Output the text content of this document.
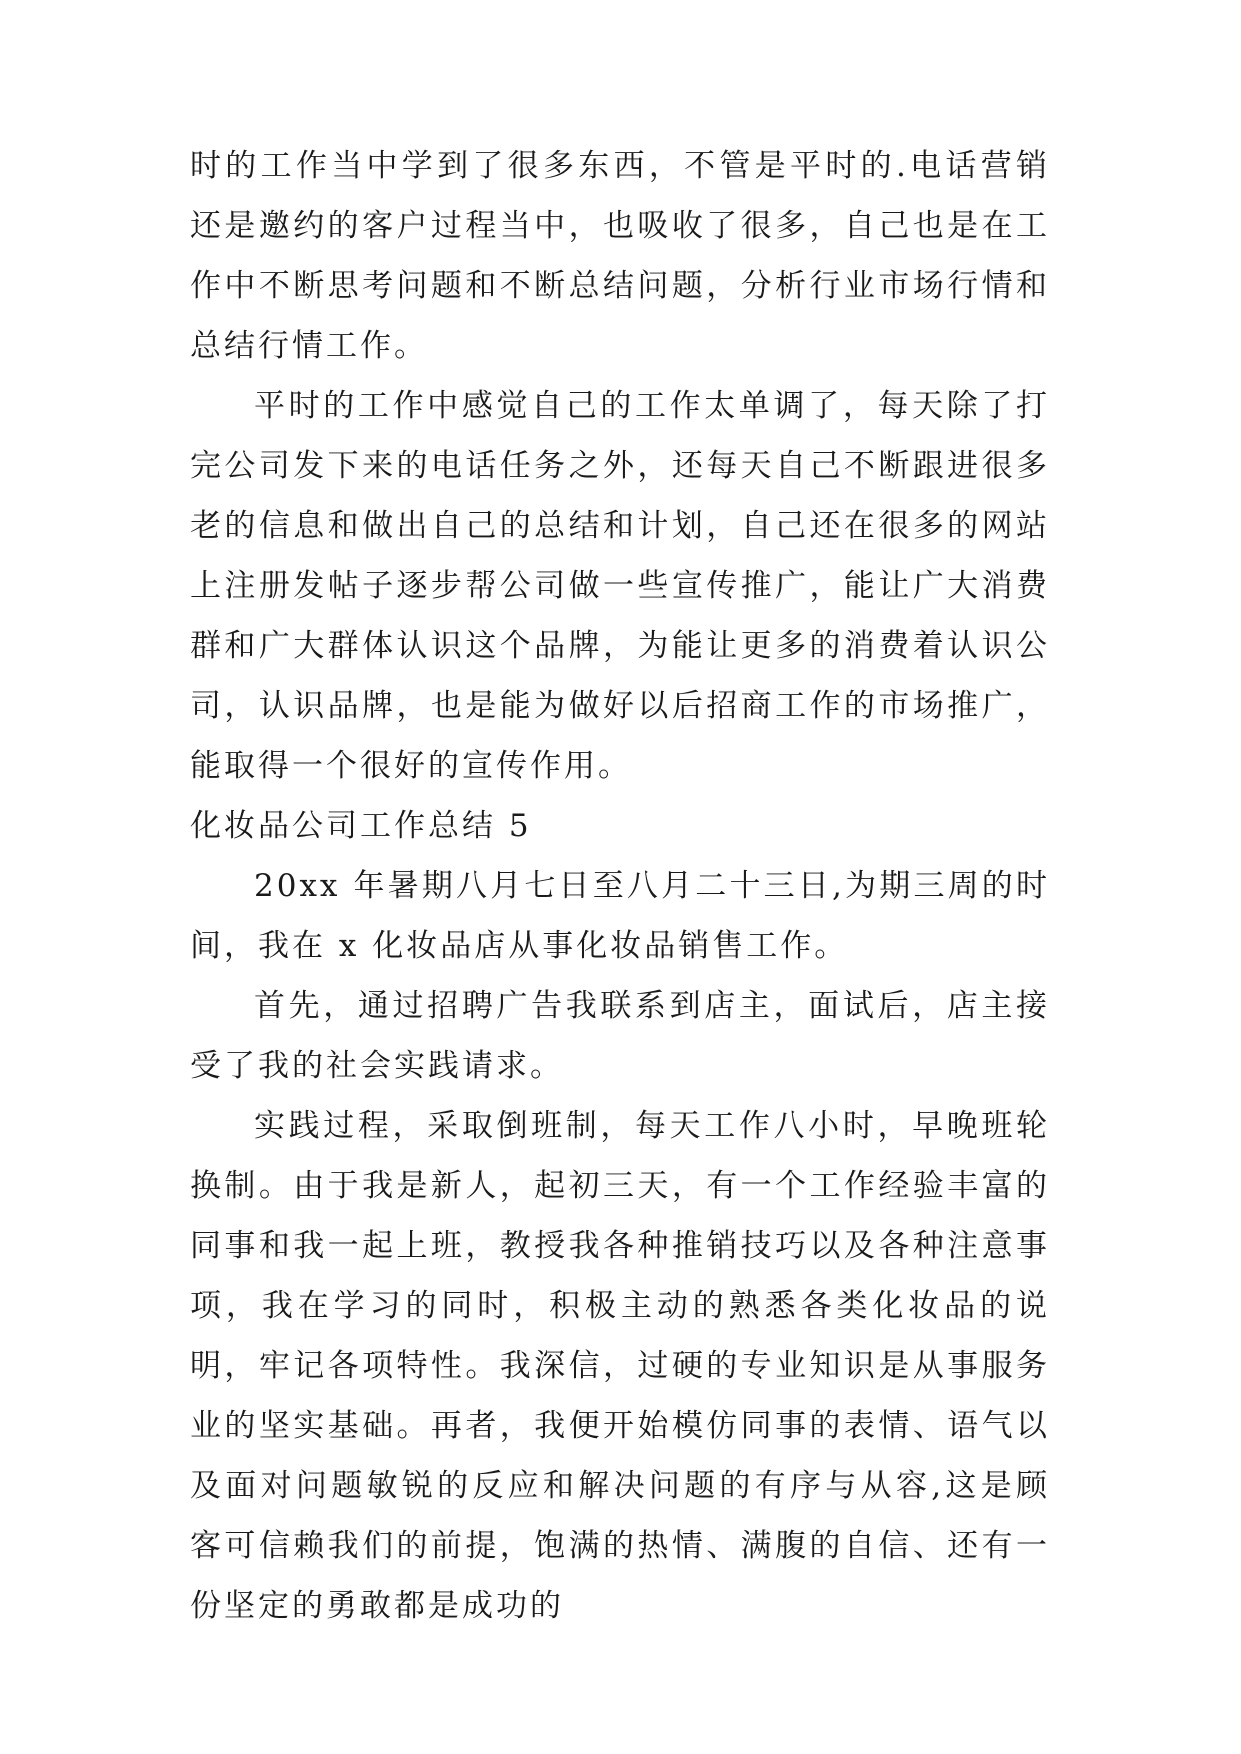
时的工作当中学到了很多东西，不管是平时的.电话营销还是邀约的客户过程当中，也吸收了很多，自己也是在工作中不断思考问题和不断总结问题，分析行业市场行情和总结行情工作。

平时的工作中感觉自己的工作太单调了，每天除了打完公司发下来的电话任务之外，还每天自己不断跟进很多老的信息和做出自己的总结和计划，自己还在很多的网站上注册发帖子逐步帮公司做一些宣传推广，能让广大消费群和广大群体认识这个品牌，为能让更多的消费着认识公司，认识品牌，也是能为做好以后招商工作的市场推广，能取得一个很好的宣传作用。

化妆品公司工作总结 5

20xx 年暑期八月七日至八月二十三日,为期三周的时间，我在 x 化妆品店从事化妆品销售工作。

首先，通过招聘广告我联系到店主，面试后，店主接受了我的社会实践请求。

实践过程，采取倒班制，每天工作八小时，早晚班轮换制。由于我是新人，起初三天，有一个工作经验丰富的同事和我一起上班，教授我各种推销技巧以及各种注意事项，我在学习的同时，积极主动的熟悉各类化妆品的说明，牢记各项特性。我深信，过硬的专业知识是从事服务业的坚实基础。再者，我便开始模仿同事的表情、语气以及面对问题敏锐的反应和解决问题的有序与从容,这是顾客可信赖我们的前提，饱满的热情、满腹的自信、还有一份坚定的勇敢都是成功的
